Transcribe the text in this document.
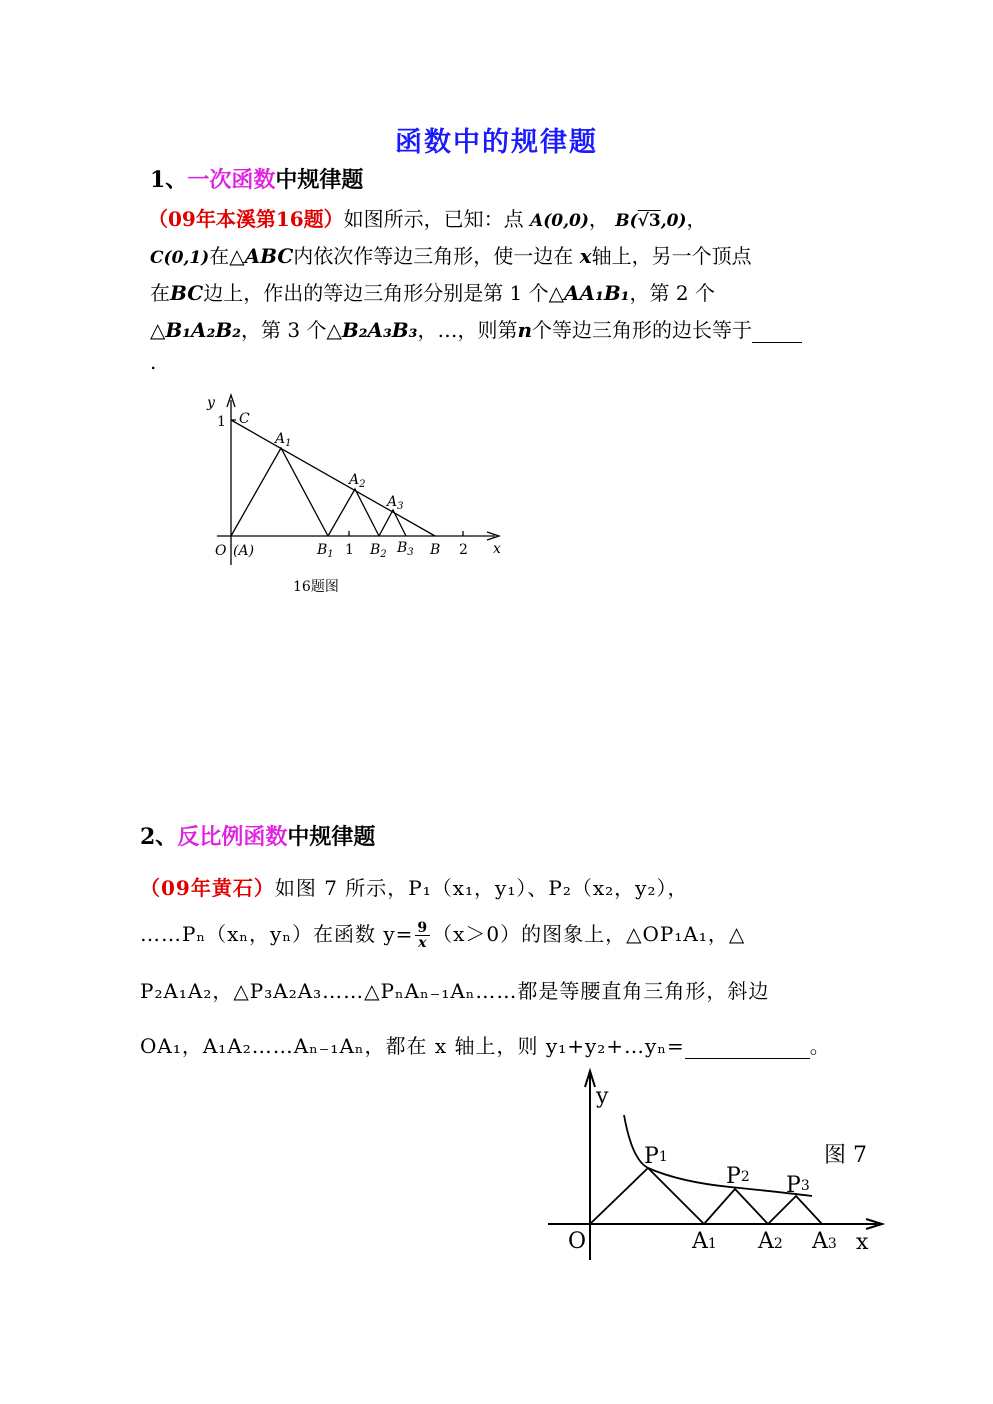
函数中的规律题
1、一次函数中规律题
（09年本溪第16题）如图所示，已知：点 A(0,0)， B(√3,0)，
C(0,1)在△ABC内依次作等边三角形，使一边在 x轴上，另一个顶点
在BC边上，作出的等边三角形分别是第 1 个△AA₁B₁，第 2 个
△B₁A₂B₂，第 3 个△B₂A₃B₃，…，则第n个等边三角形的边长等于
.
y
1 C
$A_1$
$A_2$
$A_3$
O (A)	$B_1$ 1 $B_2$ $B_3$ B 2 x
16题图
2、反比例函数中规律题
（09年黄石）如图 7 所示，P₁（x₁，y₁）、P₂（x₂，y₂），
……Pₙ（xₙ，yₙ）在函数 $y= \frac{9}{x} (x>0)$的图象上，△OP₁A₁，△
P₂A₁A₂，△P₃A₂A₃……△PₙAₙ₋₁Aₙ……都是等腰直角三角形，斜边
OA₁，A₁A₂……Aₙ₋₁Aₙ，都在 x 轴上，则 y₁+y₂+…yₙ=	。
y
O	x
P1
P2 P3
A1 A2 A3
图 7
